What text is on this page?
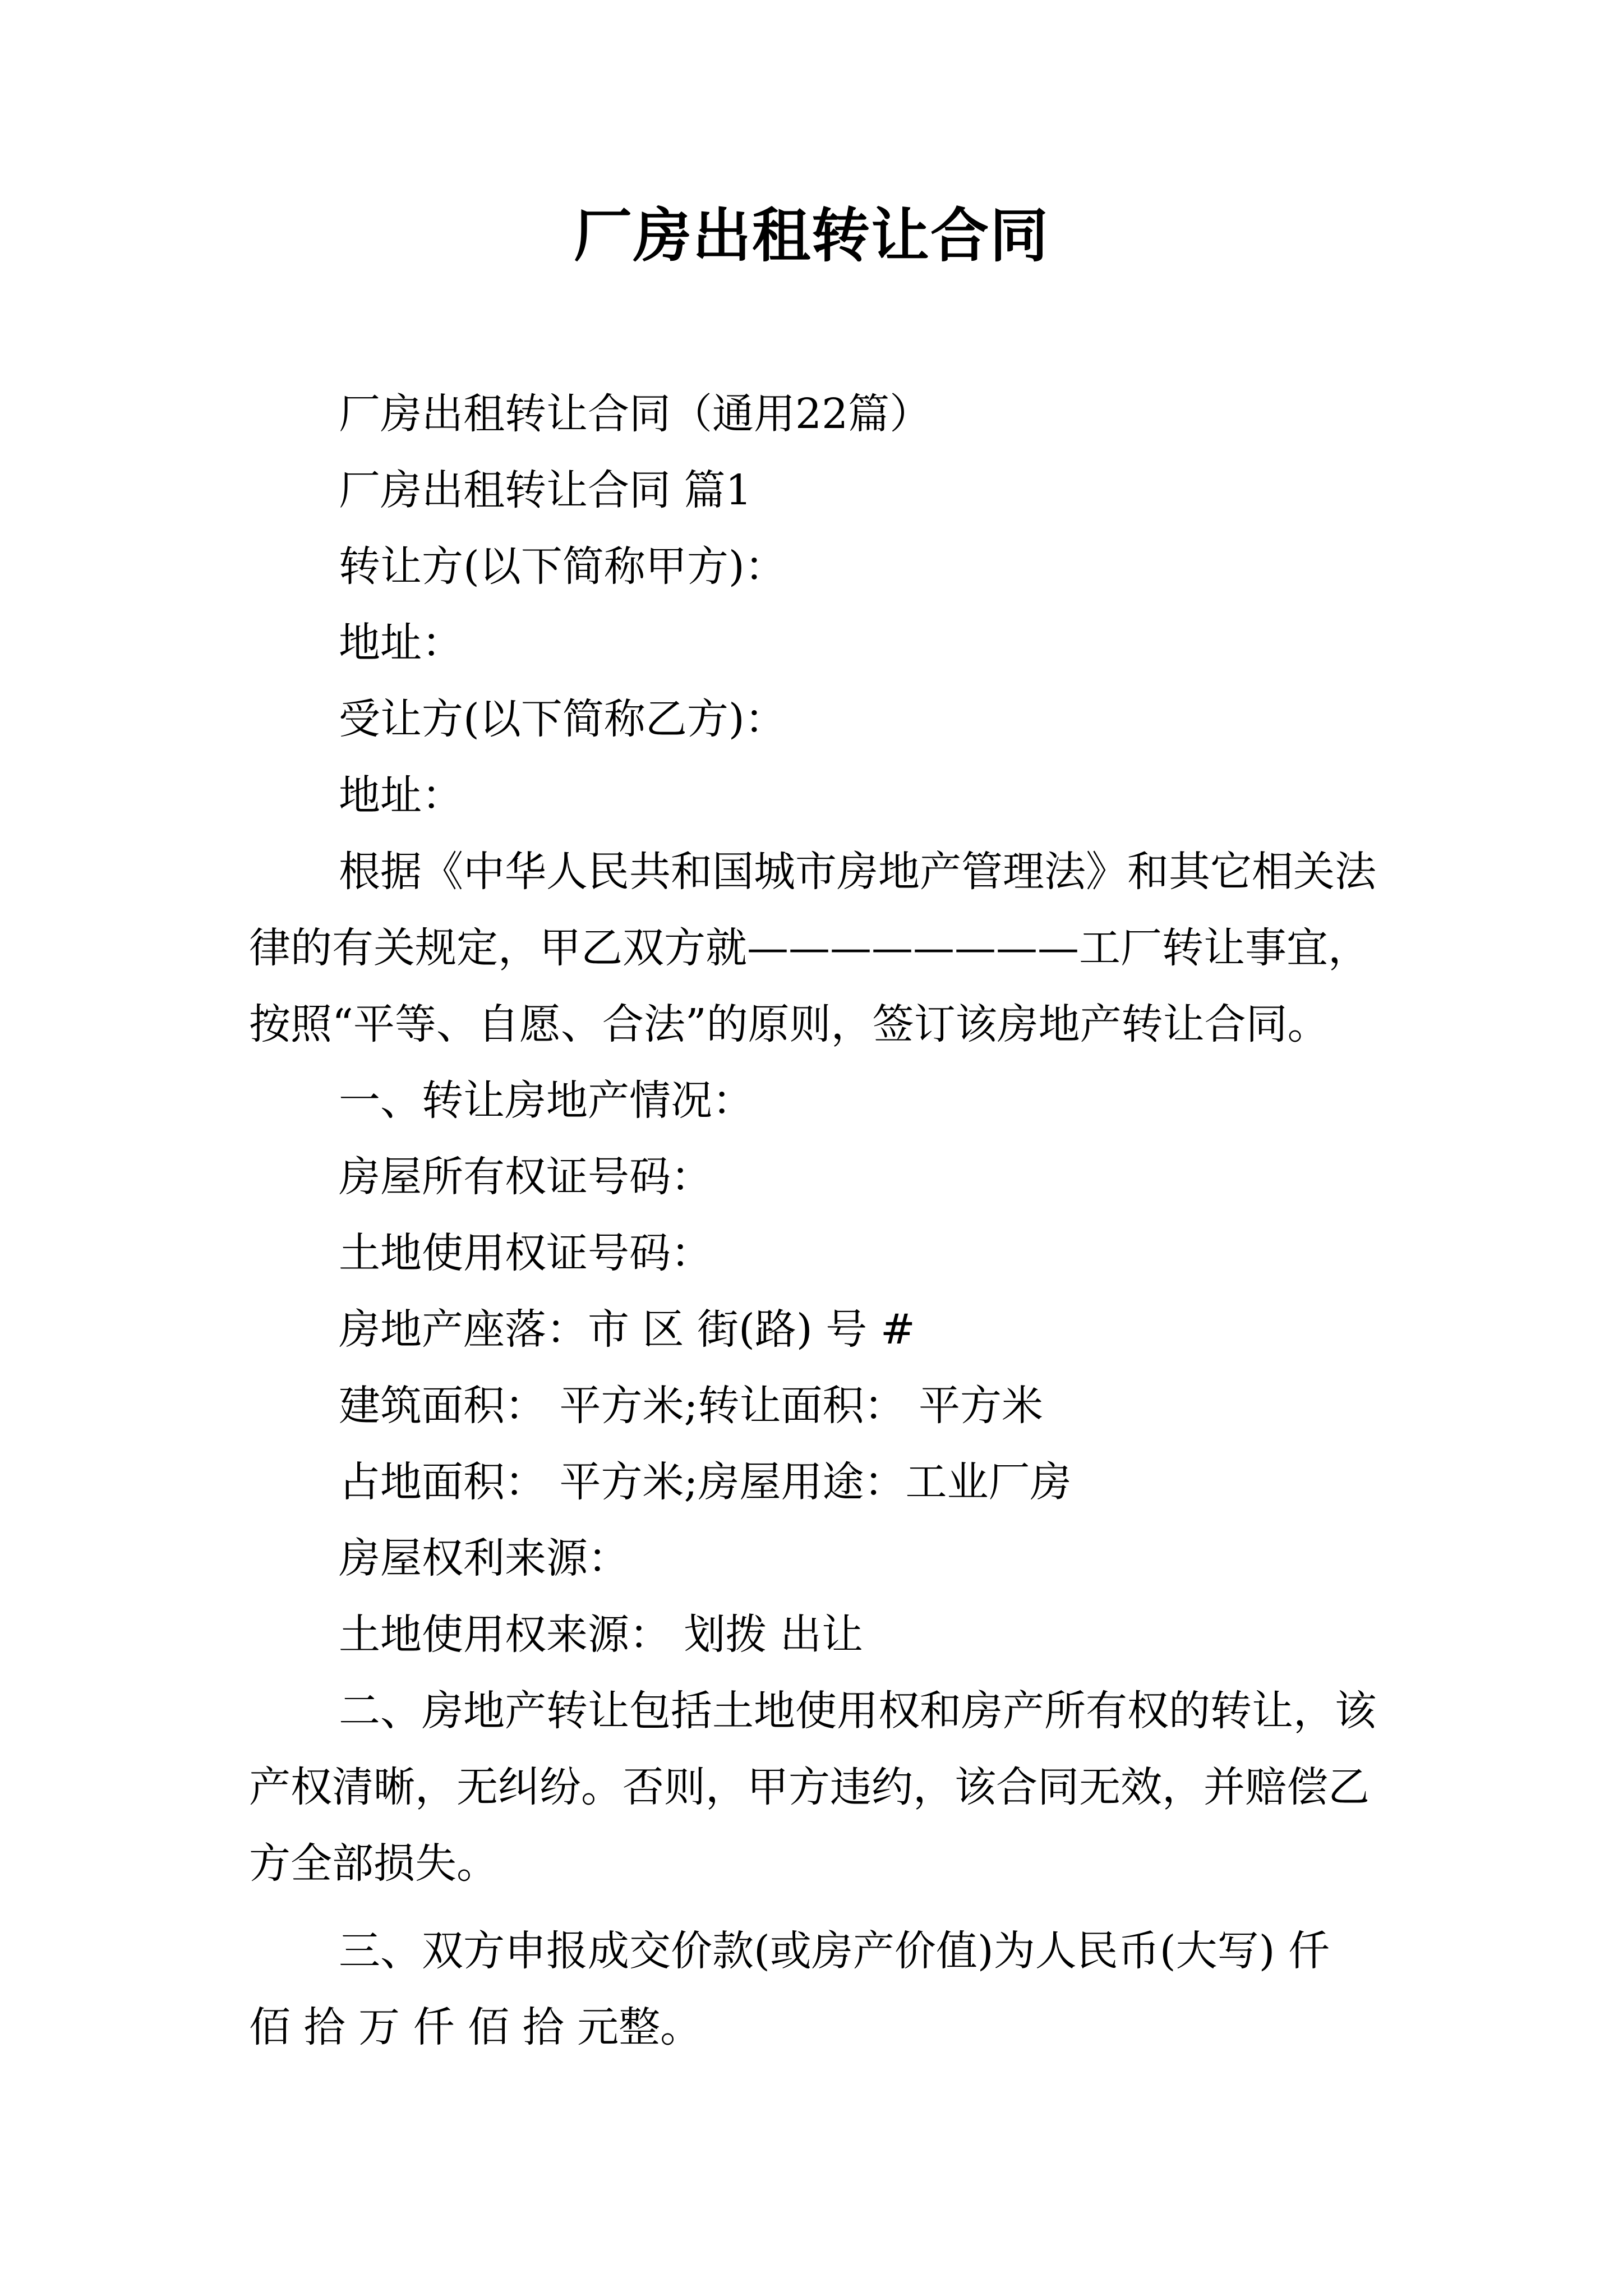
厂房出租转让合同

厂房出租转让合同（通用22篇）

厂房出租转让合同 篇1

转让方(以下简称甲方)：

地址：

受让方(以下简称乙方)：

地址：

根据《中华人民共和国城市房地产管理法》和其它相关法律的有关规定，甲乙双方就————————工厂转让事宜，按照“平等、自愿、合法”的原则，签订该房地产转让合同。

一、转让房地产情况：

房屋所有权证号码：

土地使用权证号码：

房地产座落：市 区 街(路) 号 #

建筑面积： 平方米;转让面积： 平方米

占地面积： 平方米;房屋用途：工业厂房

房屋权利来源：

土地使用权来源： 划拨 出让

二、房地产转让包括土地使用权和房产所有权的转让，该产权清晰，无纠纷。否则，甲方违约，该合同无效，并赔偿乙方全部损失。

三、双方申报成交价款(或房产价值)为人民币(大写) 仟 佰 拾 万 仟 佰 拾 元整。
